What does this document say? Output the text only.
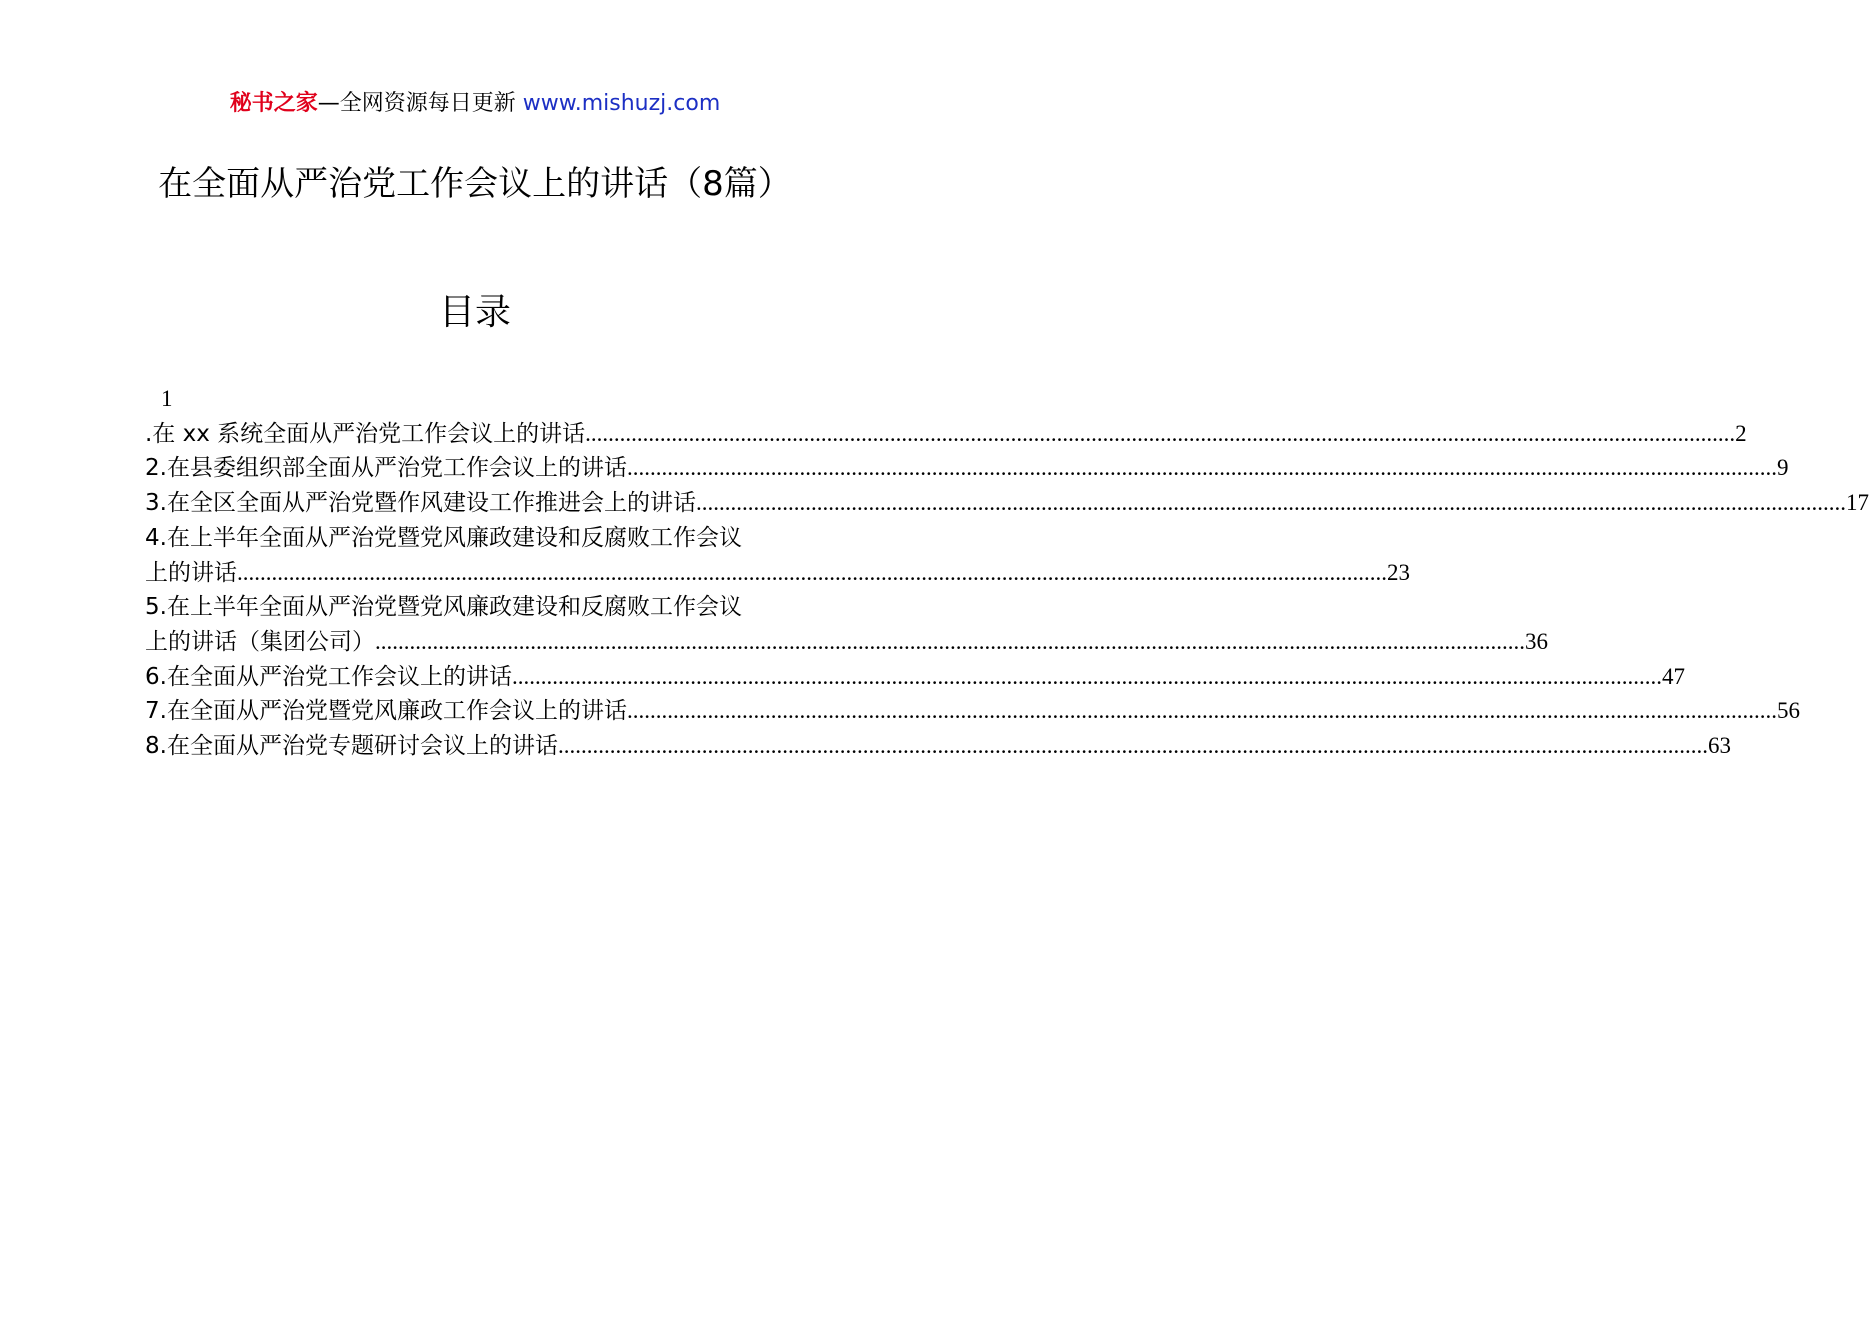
秘书之家—全网资源每日更新 www.mishuzj.com
在全面从严治党工作会议上的讲话（8篇）
目录
1
.在 xx 系统全面从严治党工作会议上的讲话 ........................................................................................................................................................................................................ 2
2.在县委组织部全面从严治党工作会议上的讲话 ........................................................................................................................................................................................................ 9
3.在全区全面从严治党暨作风建设工作推进会上的讲话 ........................................................................................................................................................................................................ 17
4.在上半年全面从严治党暨党风廉政建设和反腐败工作会议
上的讲话 ........................................................................................................................................................................................................ 23
5.在上半年全面从严治党暨党风廉政建设和反腐败工作会议
上的讲话（集团公司） ........................................................................................................................................................................................................ 36
6.在全面从严治党工作会议上的讲话 ........................................................................................................................................................................................................ 47
7.在全面从严治党暨党风廉政工作会议上的讲话 ........................................................................................................................................................................................................ 56
8.在全面从严治党专题研讨会议上的讲话 ........................................................................................................................................................................................................ 63
